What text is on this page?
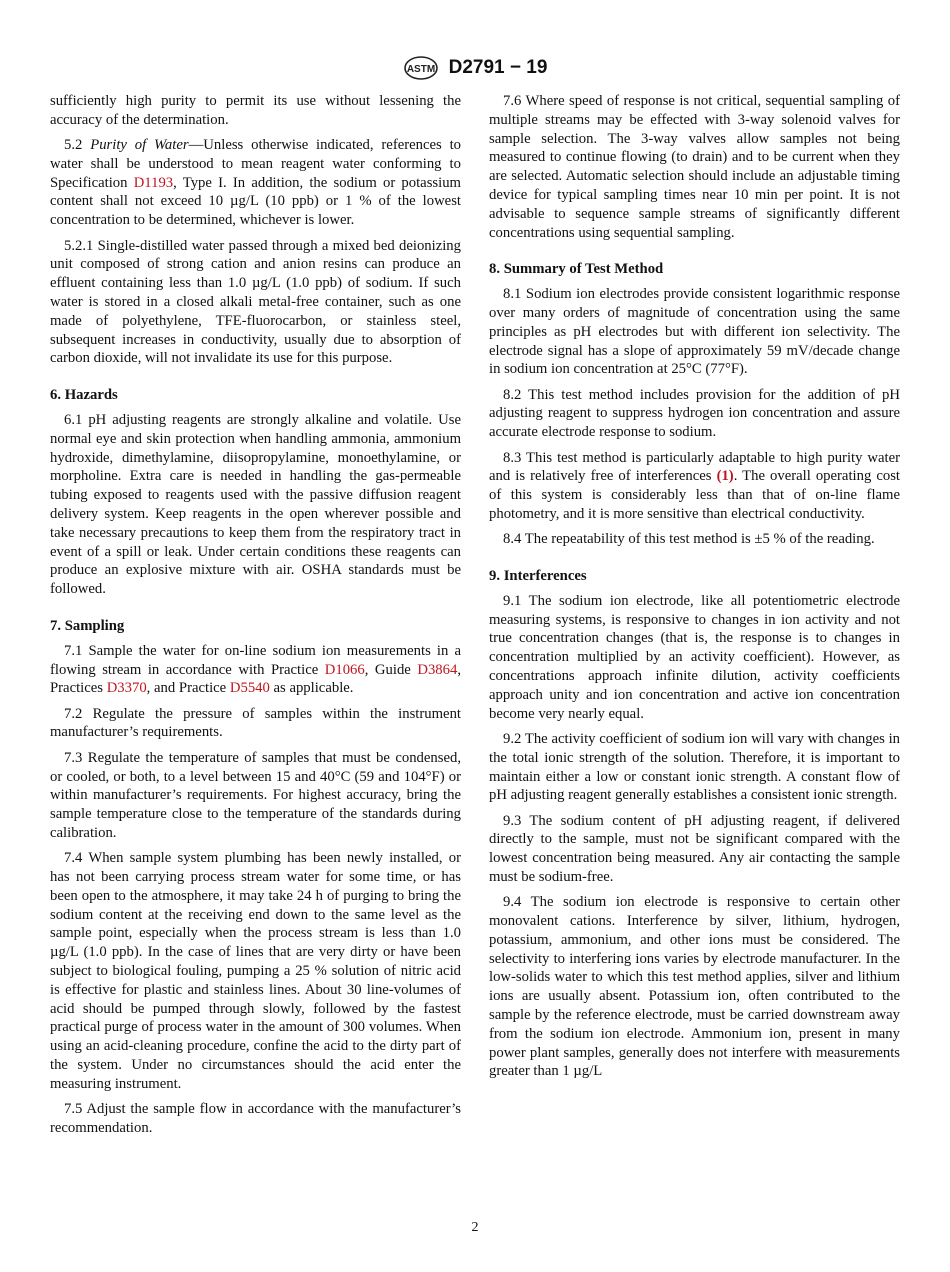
ASTM D2791 − 19

sufficiently high purity to permit its use without lessening the accuracy of the determination.

5.2 Purity of Water—Unless otherwise indicated, references to water shall be understood to mean reagent water conforming to Specification D1193, Type I. In addition, the sodium or potassium content shall not exceed 10 µg/L (10 ppb) or 1 % of the lowest concentration to be determined, whichever is lower.

5.2.1 Single-distilled water passed through a mixed bed deionizing unit composed of strong cation and anion resins can produce an effluent containing less than 1.0 µg/L (1.0 ppb) of sodium. If such water is stored in a closed alkali metal-free container, such as one made of polyethylene, TFE-fluorocarbon, or stainless steel, subsequent increases in conductivity, usually due to absorption of carbon dioxide, will not invalidate its use for this purpose.

6. Hazards

6.1 pH adjusting reagents are strongly alkaline and volatile. Use normal eye and skin protection when handling ammonia, ammonium hydroxide, dimethylamine, diisopropylamine, monoethylamine, or morpholine. Extra care is needed in handling the gas-permeable tubing exposed to reagents used with the passive diffusion reagent delivery system. Keep reagents in the open wherever possible and take necessary precautions to keep them from the respiratory tract in event of a spill or leak. Under certain conditions these reagents can produce an explosive mixture with air. OSHA standards must be followed.

7. Sampling

7.1 Sample the water for on-line sodium ion measurements in a flowing stream in accordance with Practice D1066, Guide D3864, Practices D3370, and Practice D5540 as applicable.

7.2 Regulate the pressure of samples within the instrument manufacturer’s requirements.

7.3 Regulate the temperature of samples that must be condensed, or cooled, or both, to a level between 15 and 40°C (59 and 104°F) or within manufacturer’s requirements. For highest accuracy, bring the sample temperature close to the temperature of the standards during calibration.

7.4 When sample system plumbing has been newly installed, or has not been carrying process stream water for some time, or has been open to the atmosphere, it may take 24 h of purging to bring the sodium content at the receiving end down to the same level as the sample point, especially when the process stream is less than 1.0 µg/L (1.0 ppb). In the case of lines that are very dirty or have been subject to biological fouling, pumping a 25 % solution of nitric acid is effective for plastic and stainless lines. About 30 line-volumes of acid should be pumped through slowly, followed by the fastest practical purge of process water in the amount of 300 volumes. When using an acid-cleaning procedure, confine the acid to the dirty part of the system. Under no circumstances should the acid enter the measuring instrument.

7.5 Adjust the sample flow in accordance with the manufacturer’s recommendation.

7.6 Where speed of response is not critical, sequential sampling of multiple streams may be effected with 3-way solenoid valves for sample selection. The 3-way valves allow samples not being measured to continue flowing (to drain) and to be current when they are selected. Automatic selection should include an adjustable timing device for typical sampling times near 10 min per point. It is not advisable to sequence sample streams of significantly different concentrations using sequential sampling.

8. Summary of Test Method

8.1 Sodium ion electrodes provide consistent logarithmic response over many orders of magnitude of concentration using the same principles as pH electrodes but with different ion selectivity. The electrode signal has a slope of approximately 59 mV/decade change in sodium ion concentration at 25°C (77°F).

8.2 This test method includes provision for the addition of pH adjusting reagent to suppress hydrogen ion concentration and assure accurate electrode response to sodium.

8.3 This test method is particularly adaptable to high purity water and is relatively free of interferences (1). The overall operating cost of this system is considerably less than that of on-line flame photometry, and it is more sensitive than electrical conductivity.

8.4 The repeatability of this test method is ±5 % of the reading.

9. Interferences

9.1 The sodium ion electrode, like all potentiometric electrode measuring systems, is responsive to changes in ion activity and not true concentration changes (that is, the response is to changes in concentration multiplied by an activity coefficient). However, as concentrations approach infinite dilution, activity coefficients approach unity and ion concentration and active ion concentration become very nearly equal.

9.2 The activity coefficient of sodium ion will vary with changes in the total ionic strength of the solution. Therefore, it is important to maintain either a low or constant ionic strength. A constant flow of pH adjusting reagent generally establishes a consistent ionic strength.

9.3 The sodium content of pH adjusting reagent, if delivered directly to the sample, must not be significant compared with the lowest concentration being measured. Any air contacting the sample must be sodium-free.

9.4 The sodium ion electrode is responsive to certain other monovalent cations. Interference by silver, lithium, hydrogen, potassium, ammonium, and other ions must be considered. The selectivity to interfering ions varies by electrode manufacturer. In the low-solids water to which this test method applies, silver and lithium ions are usually absent. Potassium ion, often contributed to the sample by the reference electrode, must be carried downstream away from the sodium ion electrode. Ammonium ion, present in many power plant samples, generally does not interfere with measurements greater than 1 µg/L

2
